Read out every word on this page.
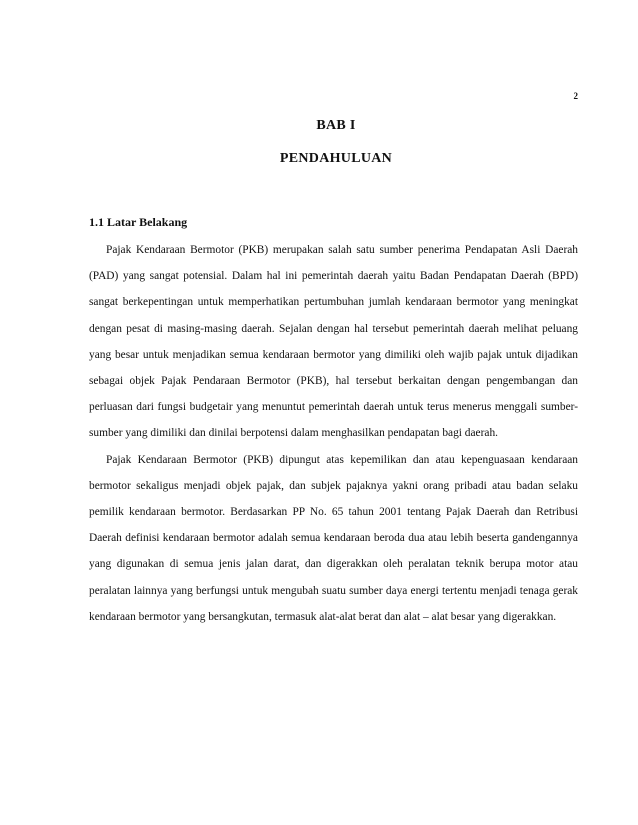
2
BAB I
PENDAHULUAN
1.1 Latar Belakang

Pajak Kendaraan Bermotor (PKB) merupakan salah satu sumber penerima Pendapatan Asli Daerah (PAD) yang sangat potensial. Dalam hal ini pemerintah daerah yaitu Badan Pendapatan Daerah (BPD) sangat berkepentingan untuk memperhatikan pertumbuhan jumlah kendaraan bermotor yang meningkat dengan pesat di masing-masing daerah. Sejalan dengan hal tersebut pemerintah daerah melihat peluang yang besar untuk menjadikan semua kendaraan bermotor yang dimiliki oleh wajib pajak untuk dijadikan sebagai objek Pajak Pendaraan Bermotor (PKB), hal tersebut berkaitan dengan pengembangan dan perluasan dari fungsi budgetair yang menuntut pemerintah daerah untuk terus menerus menggali sumber-sumber yang dimiliki dan dinilai berpotensi dalam menghasilkan pendapatan bagi daerah.

Pajak Kendaraan Bermotor (PKB) dipungut atas kepemilikan dan atau kepenguasaan kendaraan bermotor sekaligus menjadi objek pajak, dan subjek pajaknya yakni orang pribadi atau badan selaku pemilik kendaraan bermotor. Berdasarkan PP No. 65 tahun 2001 tentang Pajak Daerah dan Retribusi Daerah definisi kendaraan bermotor adalah semua kendaraan beroda dua atau lebih beserta gandengannya yang digunakan di semua jenis jalan darat, dan digerakkan oleh peralatan teknik berupa motor atau peralatan lainnya yang berfungsi untuk mengubah suatu sumber daya energi tertentu menjadi tenaga gerak kendaraan bermotor yang bersangkutan, termasuk alat-alat berat dan alat – alat besar yang digerakkan.
